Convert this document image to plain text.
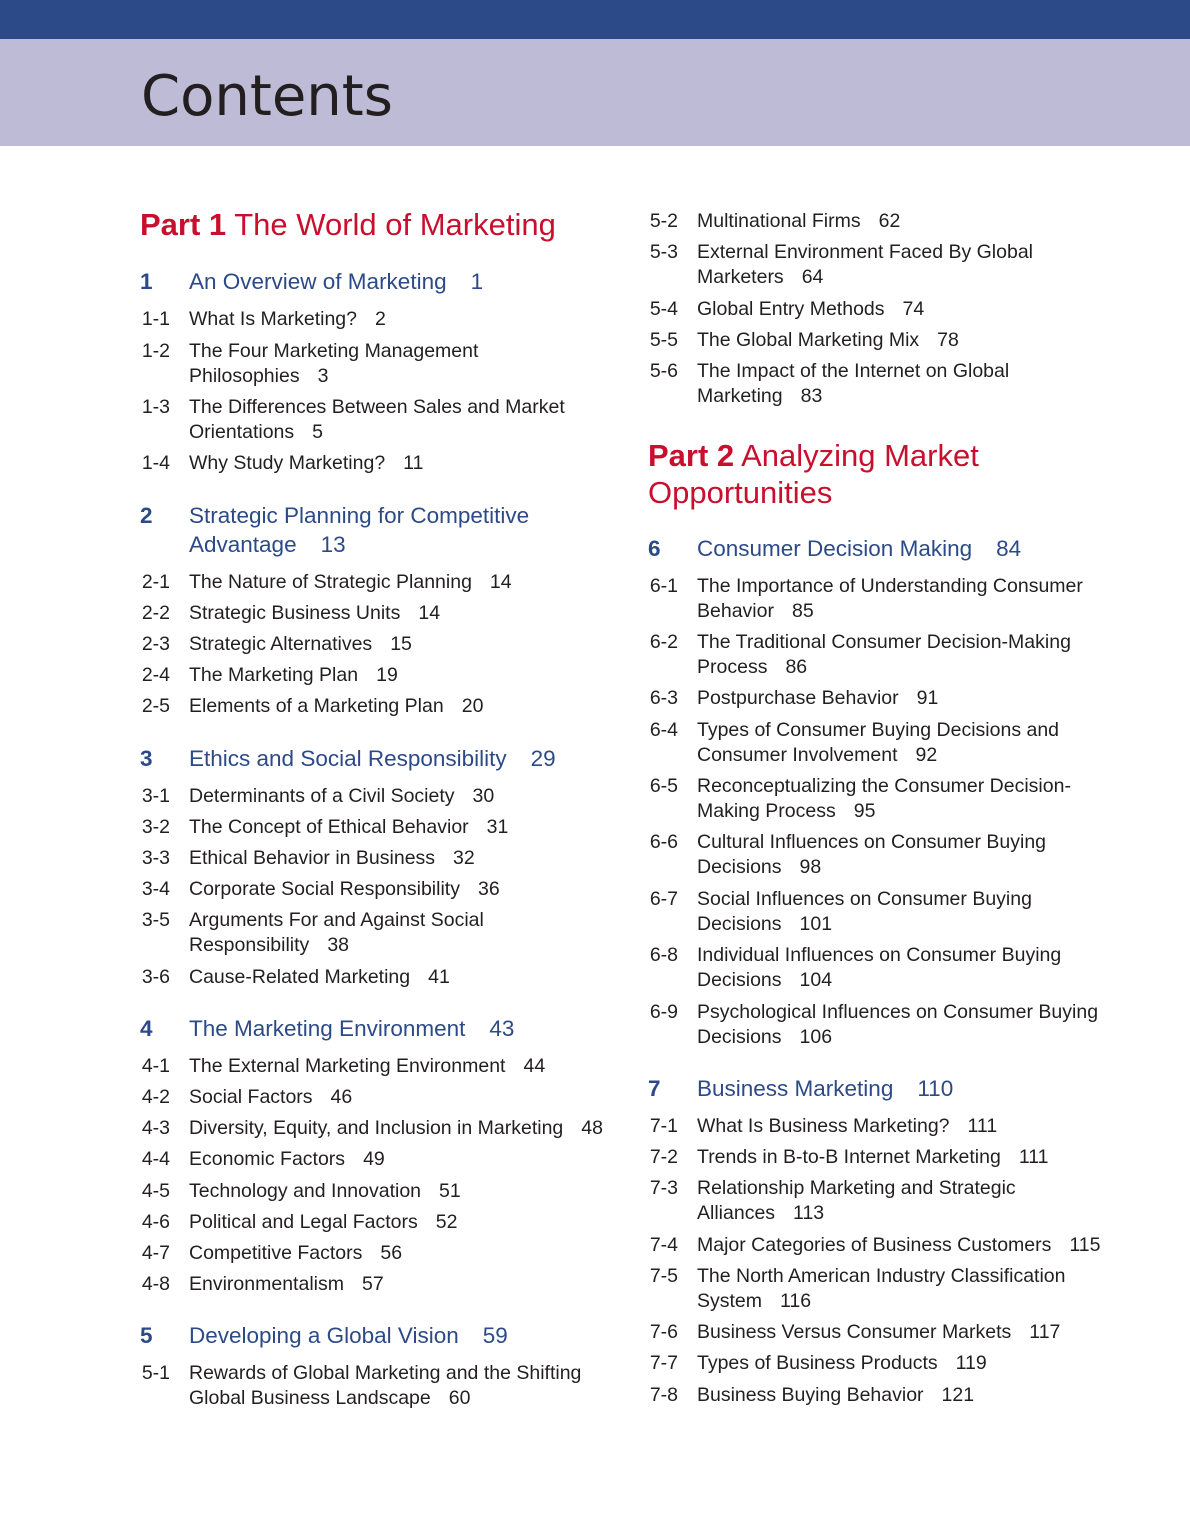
Contents
Part 1 The World of Marketing
1 An Overview of Marketing 1
1-1 What Is Marketing? 2
1-2 The Four Marketing Management Philosophies 3
1-3 The Differences Between Sales and Market Orientations 5
1-4 Why Study Marketing? 11
2 Strategic Planning for Competitive Advantage 13
2-1 The Nature of Strategic Planning 14
2-2 Strategic Business Units 14
2-3 Strategic Alternatives 15
2-4 The Marketing Plan 19
2-5 Elements of a Marketing Plan 20
3 Ethics and Social Responsibility 29
3-1 Determinants of a Civil Society 30
3-2 The Concept of Ethical Behavior 31
3-3 Ethical Behavior in Business 32
3-4 Corporate Social Responsibility 36
3-5 Arguments For and Against Social Responsibility 38
3-6 Cause-Related Marketing 41
4 The Marketing Environment 43
4-1 The External Marketing Environment 44
4-2 Social Factors 46
4-3 Diversity, Equity, and Inclusion in Marketing 48
4-4 Economic Factors 49
4-5 Technology and Innovation 51
4-6 Political and Legal Factors 52
4-7 Competitive Factors 56
4-8 Environmentalism 57
5 Developing a Global Vision 59
5-1 Rewards of Global Marketing and the Shifting Global Business Landscape 60
5-2 Multinational Firms 62
5-3 External Environment Faced By Global Marketers 64
5-4 Global Entry Methods 74
5-5 The Global Marketing Mix 78
5-6 The Impact of the Internet on Global Marketing 83
Part 2 Analyzing Market Opportunities
6 Consumer Decision Making 84
6-1 The Importance of Understanding Consumer Behavior 85
6-2 The Traditional Consumer Decision-Making Process 86
6-3 Postpurchase Behavior 91
6-4 Types of Consumer Buying Decisions and Consumer Involvement 92
6-5 Reconceptualizing the Consumer Decision-Making Process 95
6-6 Cultural Influences on Consumer Buying Decisions 98
6-7 Social Influences on Consumer Buying Decisions 101
6-8 Individual Influences on Consumer Buying Decisions 104
6-9 Psychological Influences on Consumer Buying Decisions 106
7 Business Marketing 110
7-1 What Is Business Marketing? 111
7-2 Trends in B-to-B Internet Marketing 111
7-3 Relationship Marketing and Strategic Alliances 113
7-4 Major Categories of Business Customers 115
7-5 The North American Industry Classification System 116
7-6 Business Versus Consumer Markets 117
7-7 Types of Business Products 119
7-8 Business Buying Behavior 121
